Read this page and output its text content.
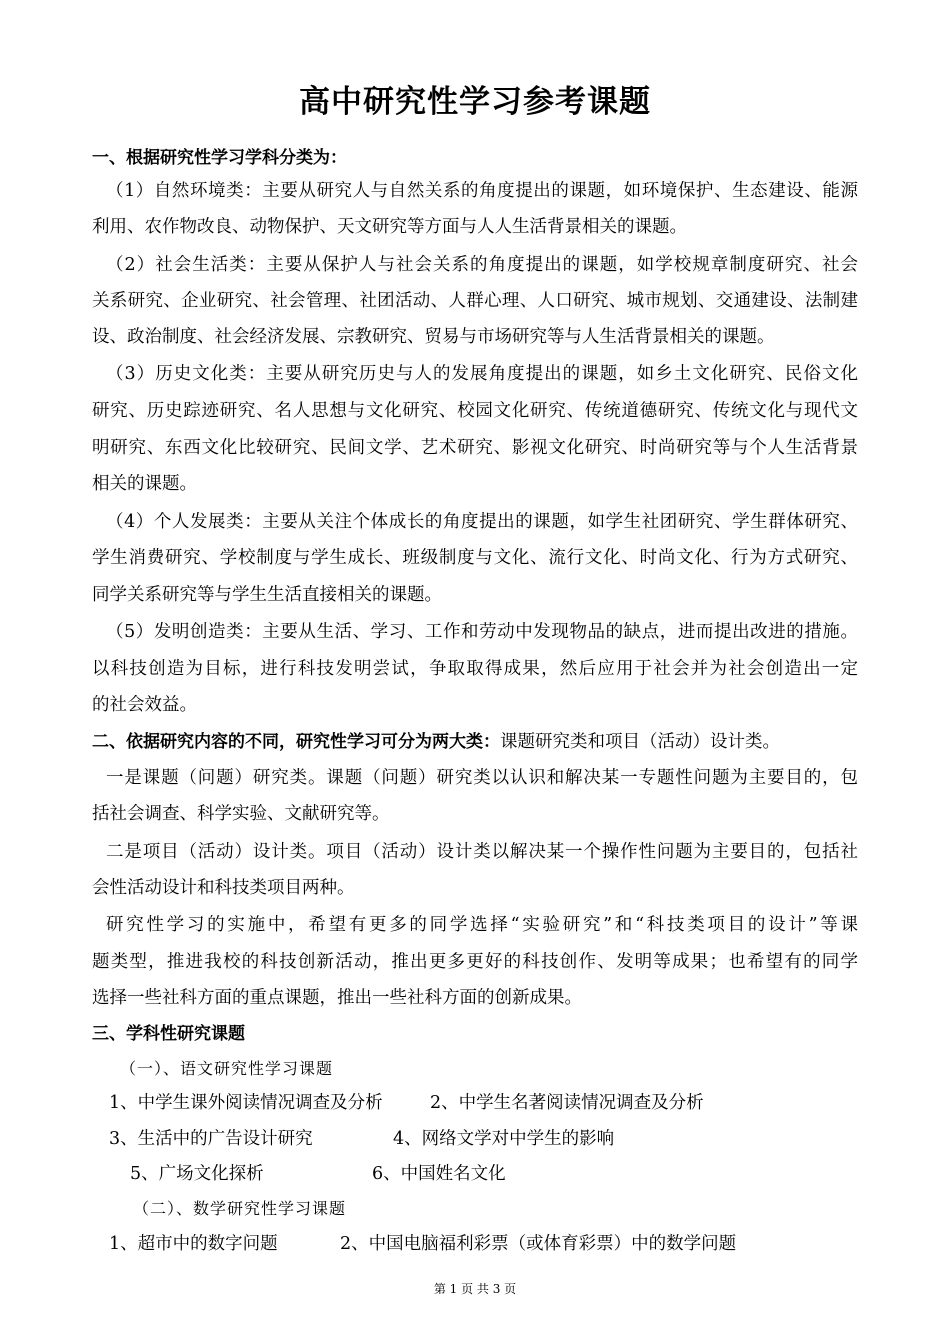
高中研究性学习参考课题
一、根据研究性学习学科分类为：
（1）自然环境类：主要从研究人与自然关系的角度提出的课题，如环境保护、生态建设、能源
利用、农作物改良、动物保护、天文研究等方面与人人生活背景相关的课题。
（2）社会生活类：主要从保护人与社会关系的角度提出的课题，如学校规章制度研究、社会
关系研究、企业研究、社会管理、社团活动、人群心理、人口研究、城市规划、交通建设、法制建
设、政治制度、社会经济发展、宗教研究、贸易与市场研究等与人生活背景相关的课题。
（3）历史文化类：主要从研究历史与人的发展角度提出的课题，如乡土文化研究、民俗文化
研究、历史踪迹研究、名人思想与文化研究、校园文化研究、传统道德研究、传统文化与现代文
明研究、东西文化比较研究、民间文学、艺术研究、影视文化研究、时尚研究等与个人生活背景
相关的课题。
（4）个人发展类：主要从关注个体成长的角度提出的课题，如学生社团研究、学生群体研究、
学生消费研究、学校制度与学生成长、班级制度与文化、流行文化、时尚文化、行为方式研究、
同学关系研究等与学生生活直接相关的课题。
（5）发明创造类：主要从生活、学习、工作和劳动中发现物品的缺点，进而提出改进的措施。
以科技创造为目标，进行科技发明尝试，争取取得成果，然后应用于社会并为社会创造出一定
的社会效益。
二、依据研究内容的不同，研究性学习可分为两大类：课题研究类和项目（活动）设计类。
一是课题（问题）研究类。课题（问题）研究类以认识和解决某一专题性问题为主要目的，包
括社会调查、科学实验、文献研究等。
二是项目（活动）设计类。项目（活动）设计类以解决某一个操作性问题为主要目的，包括社
会性活动设计和科技类项目两种。
研究性学习的实施中，希望有更多的同学选择“实验研究”和“科技类项目的设计”等课
题类型，推进我校的科技创新活动，推出更多更好的科技创作、发明等成果；也希望有的同学
选择一些社科方面的重点课题，推出一些社科方面的创新成果。
三、学科性研究课题
（一）、语文研究性学习课题
1、中学生课外阅读情况调查及分析	2、中学生名著阅读情况调查及分析
3、生活中的广告设计研究	4、网络文学对中学生的影响
5、广场文化探析	6、中国姓名文化
（二）、数学研究性学习课题
1、超市中的数字问题	2、中国电脑福利彩票（或体育彩票）中的数学问题
第 1 页 共 3 页
